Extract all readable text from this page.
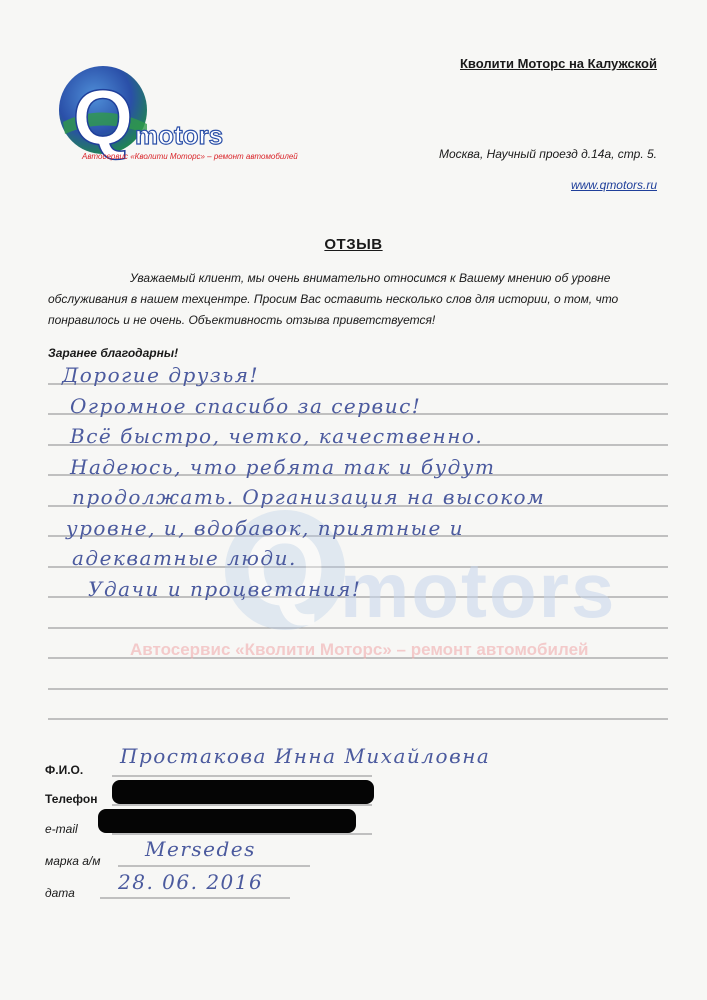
Q motors
Автосервис «Кволити Моторс» – ремонт автомобилей
Q motors
Автосервис «Кволити Моторс» – ремонт автомобилей
Кволити Моторс на Калужской
Москва, Научный проезд д.14а, стр. 5.
www.qmotors.ru
ОТЗЫВ
Уважаемый клиент, мы очень внимательно относимся к Вашему мнению об уровне обслуживания в нашем техцентре. Просим Вас оставить несколько слов для истории, о том, что понравилось и не очень. Объективность отзыва приветствуется!
Заранее благодарны!
Дорогие друзья!
Огромное спасибо за сервис!
Всё быстро, четко, качественно.
Надеюсь, что ребята так и будут
продолжать. Организация на высоком
уровне, и, вдобавок, приятные и
адекватные люди.
Удачи и процветания!
Ф.И.О.
Простакова Инна Михайловна
Телефон
e-mail
марка а/м Mersedes
дата 28. 06. 2016
